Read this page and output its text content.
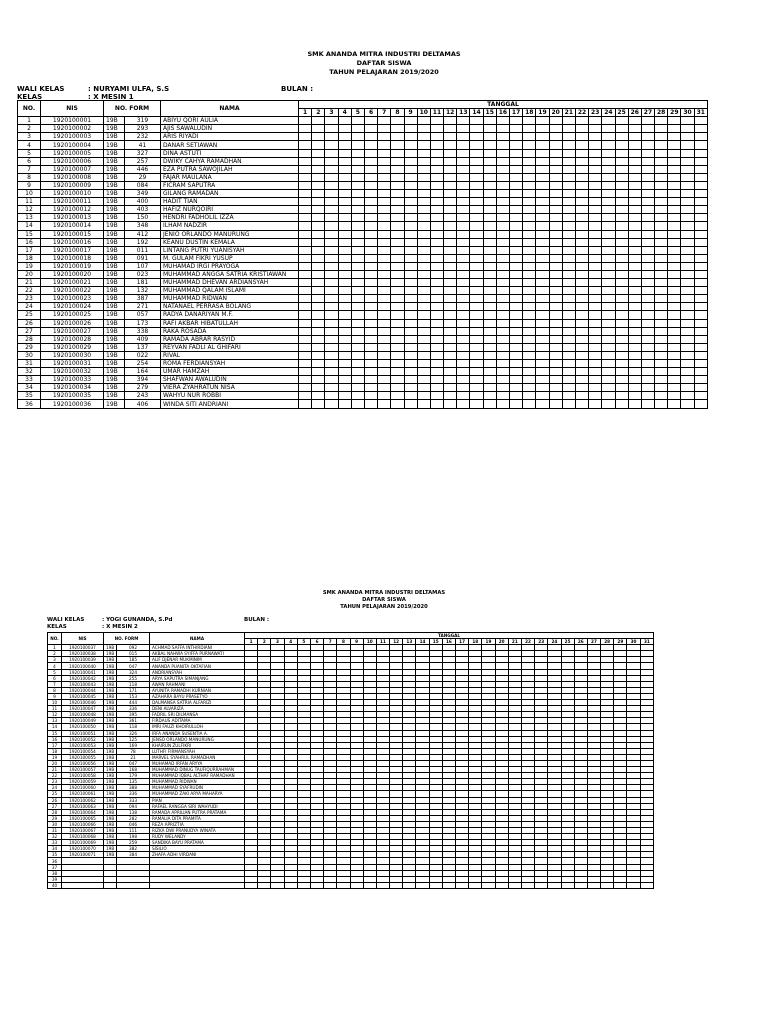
SMK ANANDA MITRA INDUSTRI DELTAMAS
DAFTAR SISWA
TAHUN PELAJARAN 2019/2020
WALI KELAS	: NURYAMI ULFA, S.S
KELAS	: X MESIN 1
BULAN :
NO.	NIS	NO. FORM		NAMA	TANGGAL																														
					1	2	3	4	5	6	7	8	9	10	11	12	13	14	15	16	17	18	19	20	21	22	23	24	25	26	27	28	29	30	31
1	1920100001	19B	319	ABIYU QORI AULIA																															
2	1920100002	19B	293	AJIS SAWALUDIN																															
3	1920100003	19B	232	ARIS RIYADI																															
4	1920100004	19B	41	DANAR SETIAWAN																															
5	1920100005	19B	327	DINA ASTUTI																															
6	1920100006	19B	257	DWIKY CAHYA RAMADHAN																															
7	1920100007	19B	446	EZA PUTRA SAWOJILAH																															
8	1920100008	19B	29	FAJAR MAULANA																															
9	1920100009	19B	084	FICRAM SAPUTRA																															
10	1920100010	19B	349	GILANG RAMADAN																															
11	1920100011	19B	400	HADIT TIAN																															
12	1920100012	19B	403	HAFIZ NURQOIRI																															
13	1920100013	19B	150	HENDRI FADHOLIL IZZA																															
14	1920100014	19B	348	ILHAM NADZIR																															
15	1920100015	19B	412	JENIO ORLANDO MANURUNG																															
16	1920100016	19B	192	KEANU DUSTIN KEMALA																															
17	1920100017	19B	011	LINTANG PUTRI YUANISYAH																															
18	1920100018	19B	091	M. GULAM FIKRI YUSUP																															
19	1920100019	19B	107	MUHAMAD IRGI PRAYOGA																															
20	1920100020	19B	023	MUHAMMAD ANGGA SATRIA KRISTIAWAN																															
21	1920100021	19B	181	MUHAMMAD DHEVAN ARDIANSYAH																															
22	1920100022	19B	132	MUHAMMAD QALAM ISLAMI																															
23	1920100023	19B	387	MUHAMMAD RIDWAN																															
24	1920100024	19B	271	NATANAEL PERRASA BOLANG																															
25	1920100025	19B	057	RADYA DANARIYAN M.F.																															
26	1920100026	19B	173	RAFI AKBAR HIBATULLAH																															
27	1920100027	19B	338	RAKA ROSADA																															
28	1920100028	19B	409	RAMADA ABRAR RASYID																															
29	1920100029	19B	137	REYVAN FADLI AL GHIFARI																															
30	1920100030	19B	022	RIVAL																															
31	1920100031	19B	254	ROMA FERDIANSYAH																															
32	1920100032	19B	164	UMAR HAMZAH																															
33	1920100033	19B	394	SHAFWAN AWALUDIN																															
34	1920100034	19B	279	VIERA ZYAHRATUN NISA																															
35	1920100035	19B	243	WAHYU NUR ROBBI																															
36	1920100036	19B	406	WINDA SITI ANDRIANI																															
SMK ANANDA MITRA INDUSTRI DELTAMAS
DAFTAR SISWA
TAHUN PELAJARAN 2019/2020
WALI KELAS	: YOGI GUNANDA, S.Pd
KELAS	: X MESIN 2
BULAN :
NO.	NIS	NO. FORM		NAMA	TANGGAL																														
					1	2	3	4	5	6	7	8	9	10	11	12	13	14	15	16	17	18	19	20	21	22	23	24	25	26	27	28	29	30	31
1	1920100037	19B	092	ACHMAD SAFFA INTHIRDIANI																															
2	1920100038	19B	015	AKBAL NAHWA SYIFFA PURNAWATI																															
3	1920100039	19B	185	ALIF DJENAR MUKMINIM																															
4	1920100040	19B	047	ANANDA PUANITA OKTAFIAN																															
5	1920100041	19B	324	ANDRIANSYAH																															
6	1920100042	19B	255	ARYA SAPUTRA SIMANJANG																															
7	1920100043	19B	118	AWAN RAHMANI																															
8	1920100044	19B	171	AYUNITA RAMADHI KURNIAN																															
9	1920100045	19B	153	AZAHARA BAYU PRASETYO																															
10	1920100046	19B	444	DALMANSA SATRIA ALFARIZI																															
11	1920100047	19B	336	DENI ALVARIZA																															
12	1920100048	19B	395	FADRIL SRI DILMANSA																															
13	1920100049	19B	361	FIRDAUS ADITAMA																															
14	1920100050	19B	118	IMRI FAUZI KHOIRULLOH																															
15	1920100051	19B	326	IRFA ANANDA SUSENTIA A.																															
16	1920100052	19B	125	JENSO ORLANDO MANURUNG																															
17	1920100053	19B	169	KHAIRUN ZULFIKRI																															
18	1920100054	19B	78	LUTHFI FIRMANSYAH																															
19	1920100055	19B	21	MARVEL SYAHRUL RAMADHAN																															
20	1920100056	19B	047	MUHAMAD IRFAN ARYYA																															
21	1920100057	19B	168	MUHAMMAD DINUG TAUFIQURRAHMAN																															
22	1920100058	19B	179	MUHAMMAD IQBAL ALTHAF RAMADHAN																															
23	1920100059	19B	135	MUHAMMAD RIDWAN																															
24	1920100060	19B	388	MUHAMMAD SYAFRUDIN																															
25	1920100061	19B	336	MUHAMMAD ZAKI ARYA MAHARYA																															
26	1920100062	19B	333	PIAN																															
27	1920100063	19B	094	RAFAEL RANGGA SIRI WAHYUDI																															
28	1920100064	19B	138	RAMADA APRILIAN PUTRA PRATAMA																															
29	1920100065	19B	282	RAMALIA DITA PRAMITA																															
30	1920100066	19B	046	REZA APRIZTIA																															
31	1920100067	19B	111	RIZKA DWI PRANUDYA WINATA																															
32	1920100068	19B	198	RUDY WELANDY																															
33	1920100069	19B	259	SANDIKA BAYU PRATAMA																															
34	1920100070	19B	382	SISILIO																															
35	1920100071	19B	384	ZHAFA ADHI VIRDANI																															
36																																			
37																																			
38																																			
39																																			
40																																			
